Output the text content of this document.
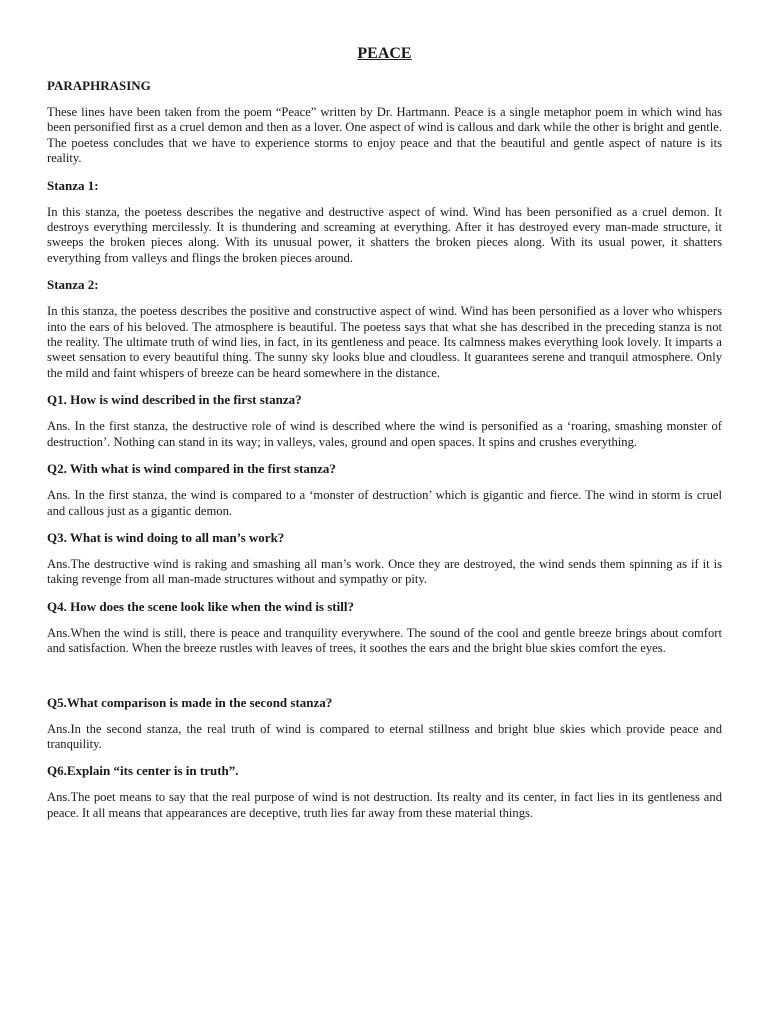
PEACE
PARAPHRASING
These lines have been taken from the poem “Peace” written by Dr. Hartmann. Peace is a single metaphor poem in which wind has been personified first as a cruel demon and then as a lover. One aspect of wind is callous and dark while the other is bright and gentle. The poetess concludes that we have to experience storms to enjoy peace and that the beautiful and gentle aspect of nature is its reality.
Stanza 1:
In this stanza, the poetess describes the negative and destructive aspect of wind. Wind has been personified as a cruel demon. It destroys everything mercilessly. It is thundering and screaming at everything. After it has destroyed every man-made structure, it sweeps the broken pieces along. With its unusual power, it shatters the broken pieces along. With its usual power, it shatters everything from valleys and flings the broken pieces around.
Stanza 2:
In this stanza, the poetess describes the positive and constructive aspect of wind. Wind has been personified as a lover who whispers into the ears of his beloved. The atmosphere is beautiful. The poetess says that what she has described in the preceding stanza is not the reality. The ultimate truth of wind lies, in fact, in its gentleness and peace. Its calmness makes everything look lovely. It imparts a sweet sensation to every beautiful thing. The sunny sky looks blue and cloudless. It guarantees serene and tranquil atmosphere. Only the mild and faint whispers of breeze can be heard somewhere in the distance.
Q1. How is wind described in the first stanza?
Ans. In the first stanza, the destructive role of wind is described where the wind is personified as a ‘roaring, smashing monster of destruction’. Nothing can stand in its way; in valleys, vales, ground and open spaces. It spins and crushes everything.
Q2. With what is wind compared in the first stanza?
Ans. In the first stanza, the wind is compared to a ‘monster of destruction’ which is gigantic and fierce. The wind in storm is cruel and callous just as a gigantic demon.
Q3. What is wind doing to all man’s work?
Ans.The destructive wind is raking and smashing all man’s work. Once they are destroyed, the wind sends them spinning as if it is taking revenge from all man-made structures without and sympathy or pity.
Q4. How does the scene look like when the wind is still?
Ans.When the wind is still, there is peace and tranquility everywhere. The sound of the cool and gentle breeze brings about comfort and satisfaction. When the breeze rustles with leaves of trees, it soothes the ears and the bright blue skies comfort the eyes.
Q5.What comparison is made in the second stanza?
Ans.In the second stanza, the real truth of wind is compared to eternal stillness and bright blue skies which provide peace and tranquility.
Q6.Explain “its center is in truth”.
Ans.The poet means to say that the real purpose of wind is not destruction. Its realty and its center, in fact lies in its gentleness and peace. It all means that appearances are deceptive, truth lies far away from these material things.
